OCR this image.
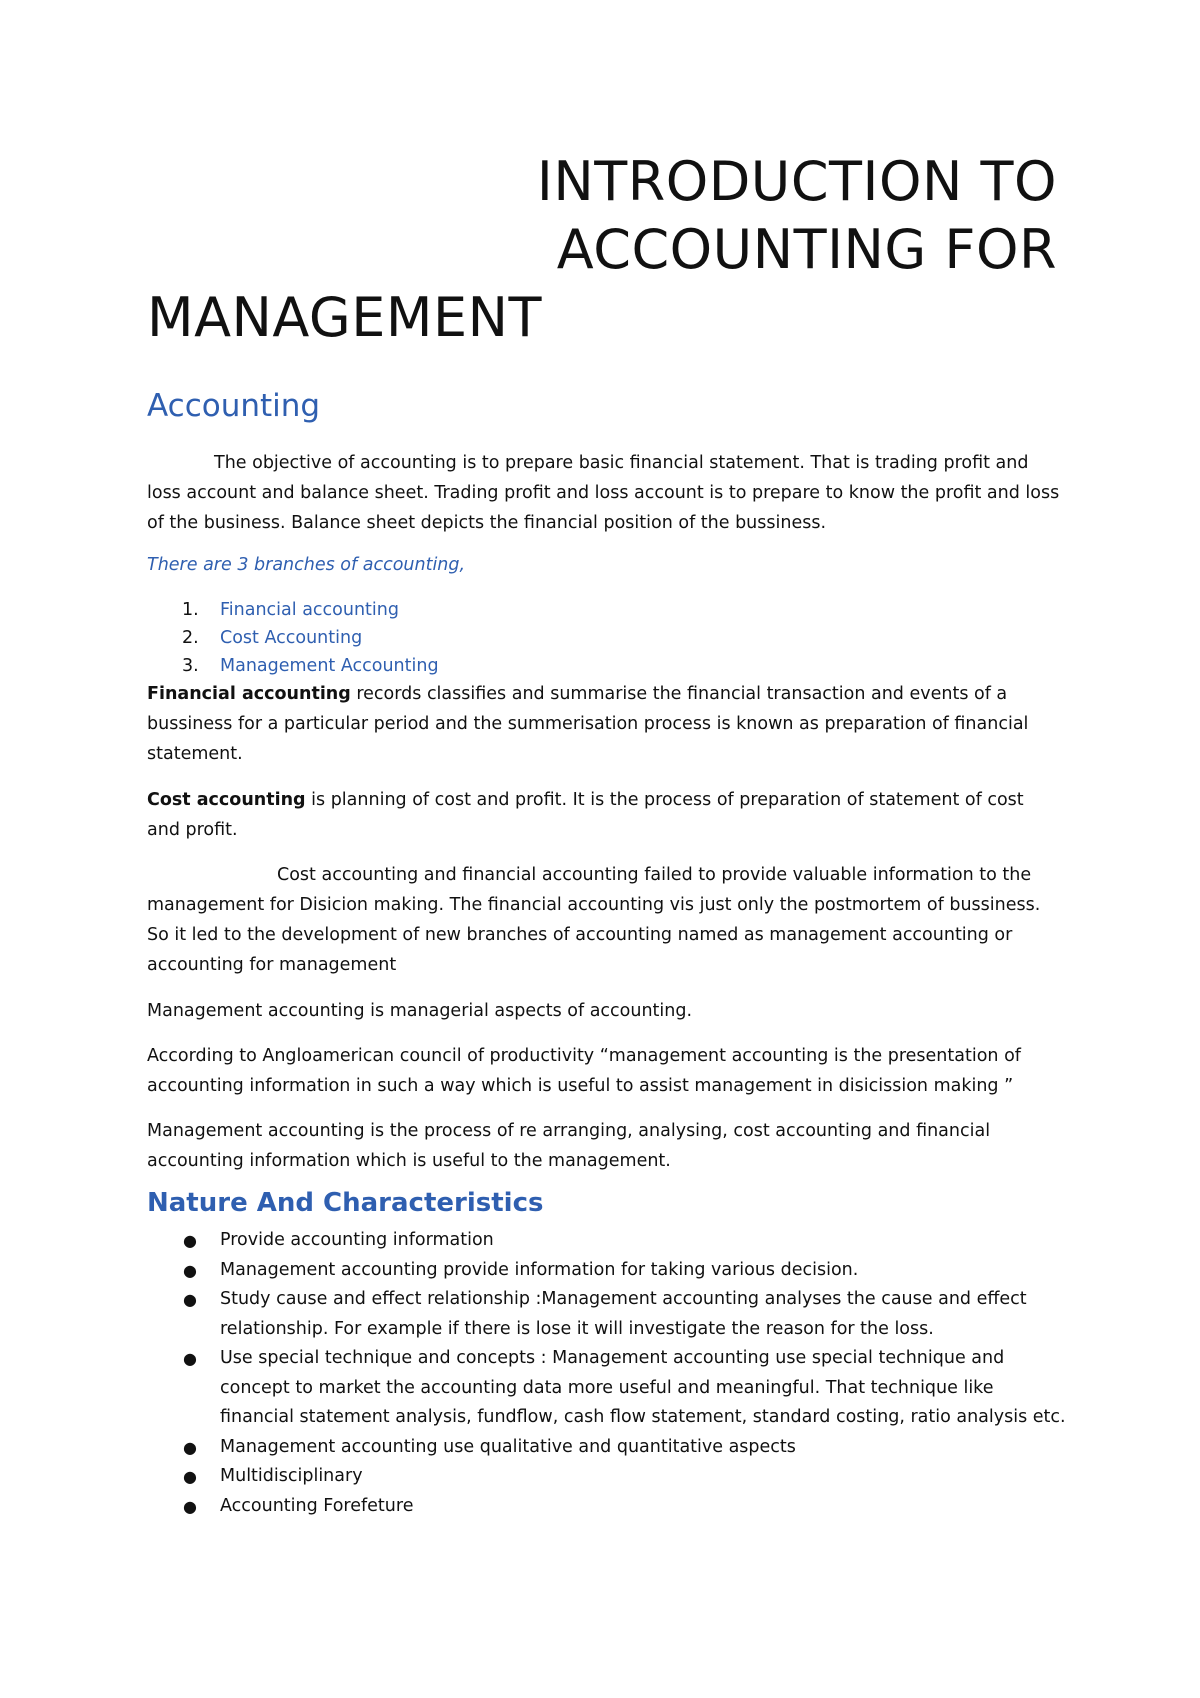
INTRODUCTION TO
ACCOUNTING FOR
MANAGEMENT
Accounting

The objective of accounting is to prepare basic financial statement. That is trading profit and loss account and balance sheet. Trading profit and loss account is to prepare to know the profit and loss of the business. Balance sheet depicts the financial position of the bussiness.

There are 3 branches of accounting,

1. Financial accounting
2. Cost Accounting
3. Management Accounting

Financial accounting records classifies and summarise the financial transaction and events of a bussiness for a particular period and the summerisation process is known as preparation of financial statement.

Cost accounting is planning of cost and profit. It is the process of preparation of statement of cost and profit.

Cost accounting and financial accounting failed to provide valuable information to the management for Disicion making. The financial accounting vis just only the postmortem of bussiness. So it led to the development of new branches of accounting named as management accounting or accounting for management

Management accounting is managerial aspects of accounting.

According to Angloamerican council of productivity “management accounting is the presentation of accounting information in such a way which is useful to assist management in disicission making ”

Management accounting is the process of re arranging, analysing, cost accounting and financial accounting information which is useful to the management.

Nature And Characteristics
● Provide accounting information
● Management accounting provide information for taking various decision.
● Study cause and effect relationship :Management accounting analyses the cause and effect relationship. For example if there is lose it will investigate the reason for the loss.
● Use special technique and concepts : Management accounting use special technique and concept to market the accounting data more useful and meaningful. That technique like financial statement analysis, fundflow, cash flow statement, standard costing, ratio analysis etc.
● Management accounting use qualitative and quantitative aspects
● Multidisciplinary
● Accounting Forefeture
